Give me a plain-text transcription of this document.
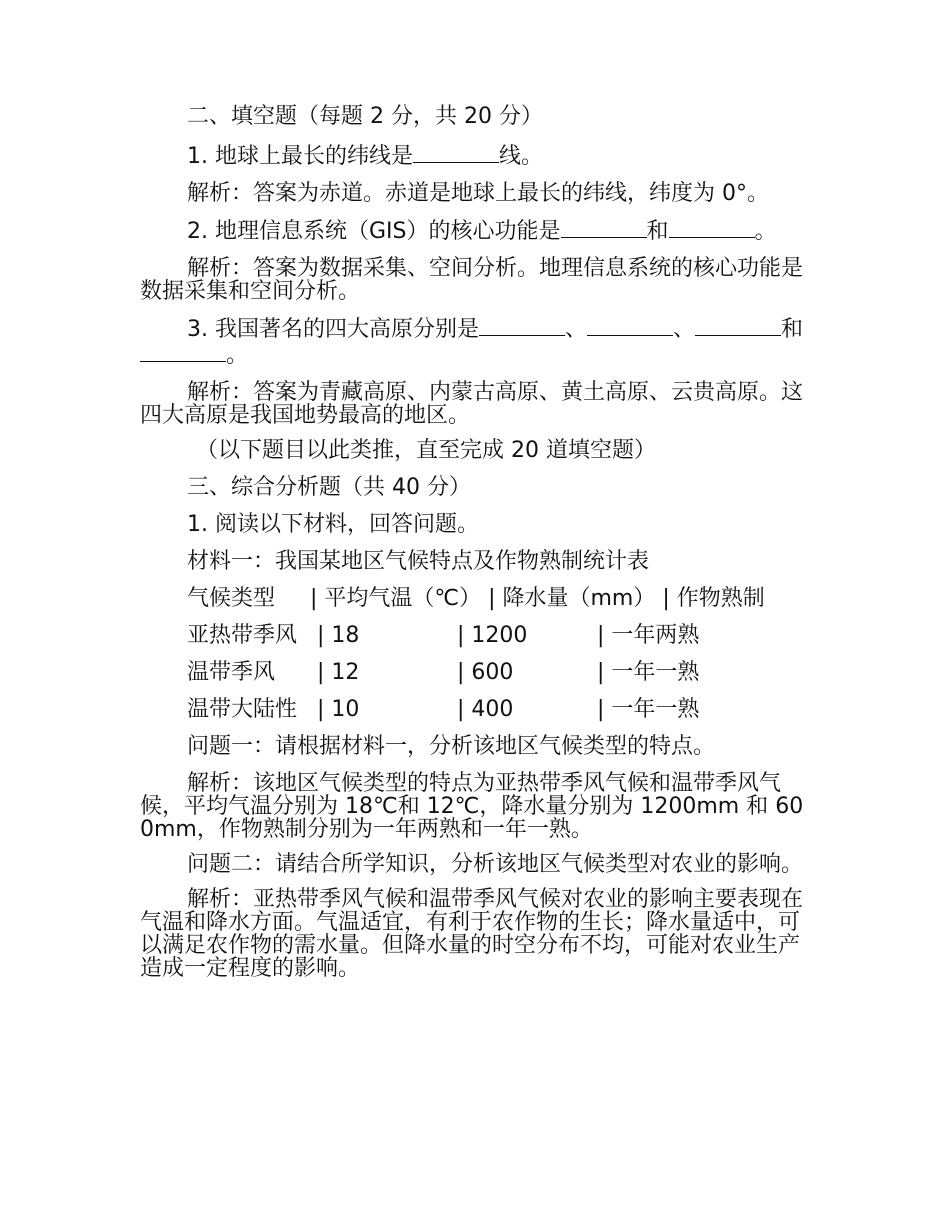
二、填空题（每题 2 分，共 20 分）

1. 地球上最长的纬线是	线。

解析：答案为赤道。赤道是地球上最长的纬线，纬度为 0°。

2. 地理信息系统（GIS）的核心功能是	和	。

解析：答案为数据采集、空间分析。地理信息系统的核心功能是数据采集和空间分析。

3. 我国著名的四大高原分别是	、	、	和。

解析：答案为青藏高原、内蒙古高原、黄土高原、云贵高原。这四大高原是我国地势最高的地区。

（以下题目以此类推，直至完成 20 道填空题）

三、综合分析题（共 40 分）

1. 阅读以下材料，回答问题。

材料一：我国某地区气候特点及作物熟制统计表

气候类型     | 平均气温（℃） | 降水量（mm） | 作物熟制

亚热带季风 | 18	| 1200	| 一年两熟
温带季风 | 12	| 600	| 一年一熟
温带大陆性 | 10	| 400	| 一年一熟

问题一：请根据材料一，分析该地区气候类型的特点。

解析：该地区气候类型的特点为亚热带季风气候和温带季风气候，平均气温分别为 18℃和 12℃，降水量分别为 1200mm 和 600mm，作物熟制分别为一年两熟和一年一熟。

问题二：请结合所学知识，分析该地区气候类型对农业的影响。

解析：亚热带季风气候和温带季风气候对农业的影响主要表现在气温和降水方面。气温适宜，有利于农作物的生长；降水量适中，可以满足农作物的需水量。但降水量的时空分布不均，可能对农业生产造成一定程度的影响。
